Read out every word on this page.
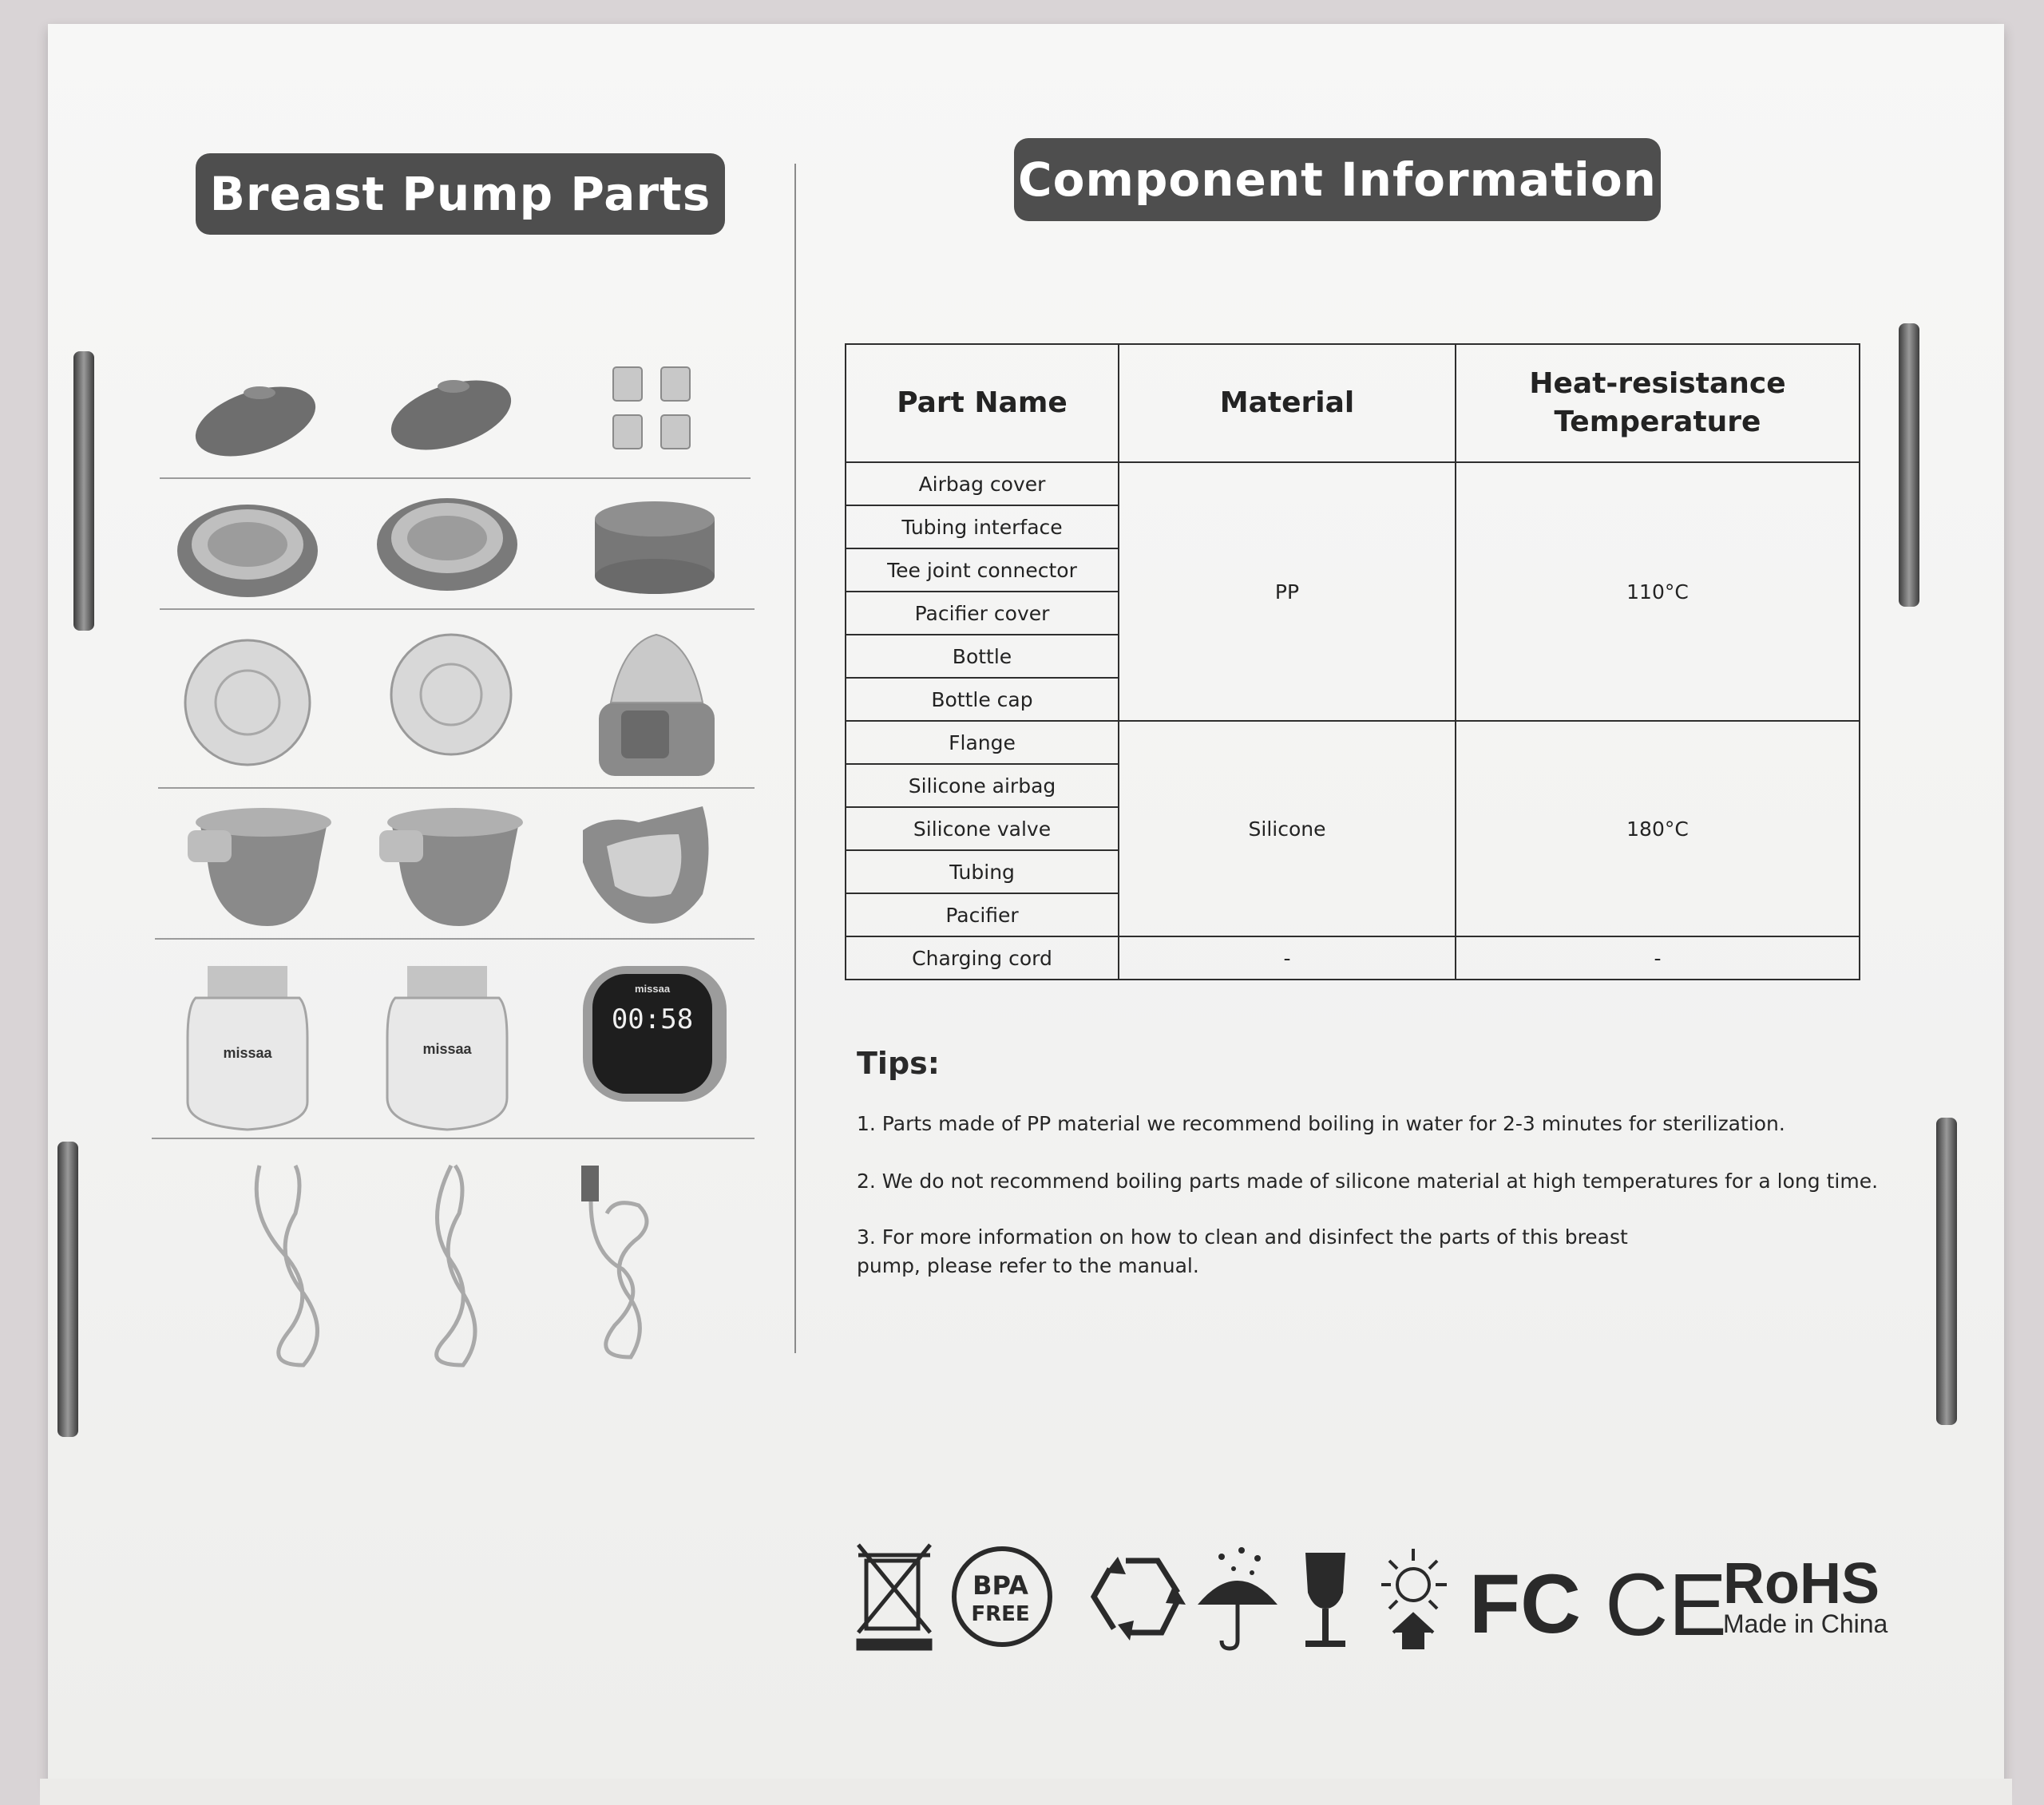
Breast Pump Parts	Component Information
missaa	missaa
missaa
00:58
Part Name	Material	Heat-resistance
Temperature
Airbag cover	PP	110°C
Tubing interface		
Tee joint connector		
Pacifier cover		
Bottle		
Bottle cap		
Flange	Silicone	180°C
Silicone airbag		
Silicone valve		
Tubing		
Pacifier		
Charging cord	-	-
Tips:
1. Parts made of PP material we recommend boiling in water for 2-3 minutes for sterilization.
2. We do not recommend boiling parts made of silicone material at high temperatures for a long time.
3. For more information on how to clean and disinfect the parts of this breast pump, please refer to the manual.
BPA
FREE	FC CE
RoHS
Made in China
